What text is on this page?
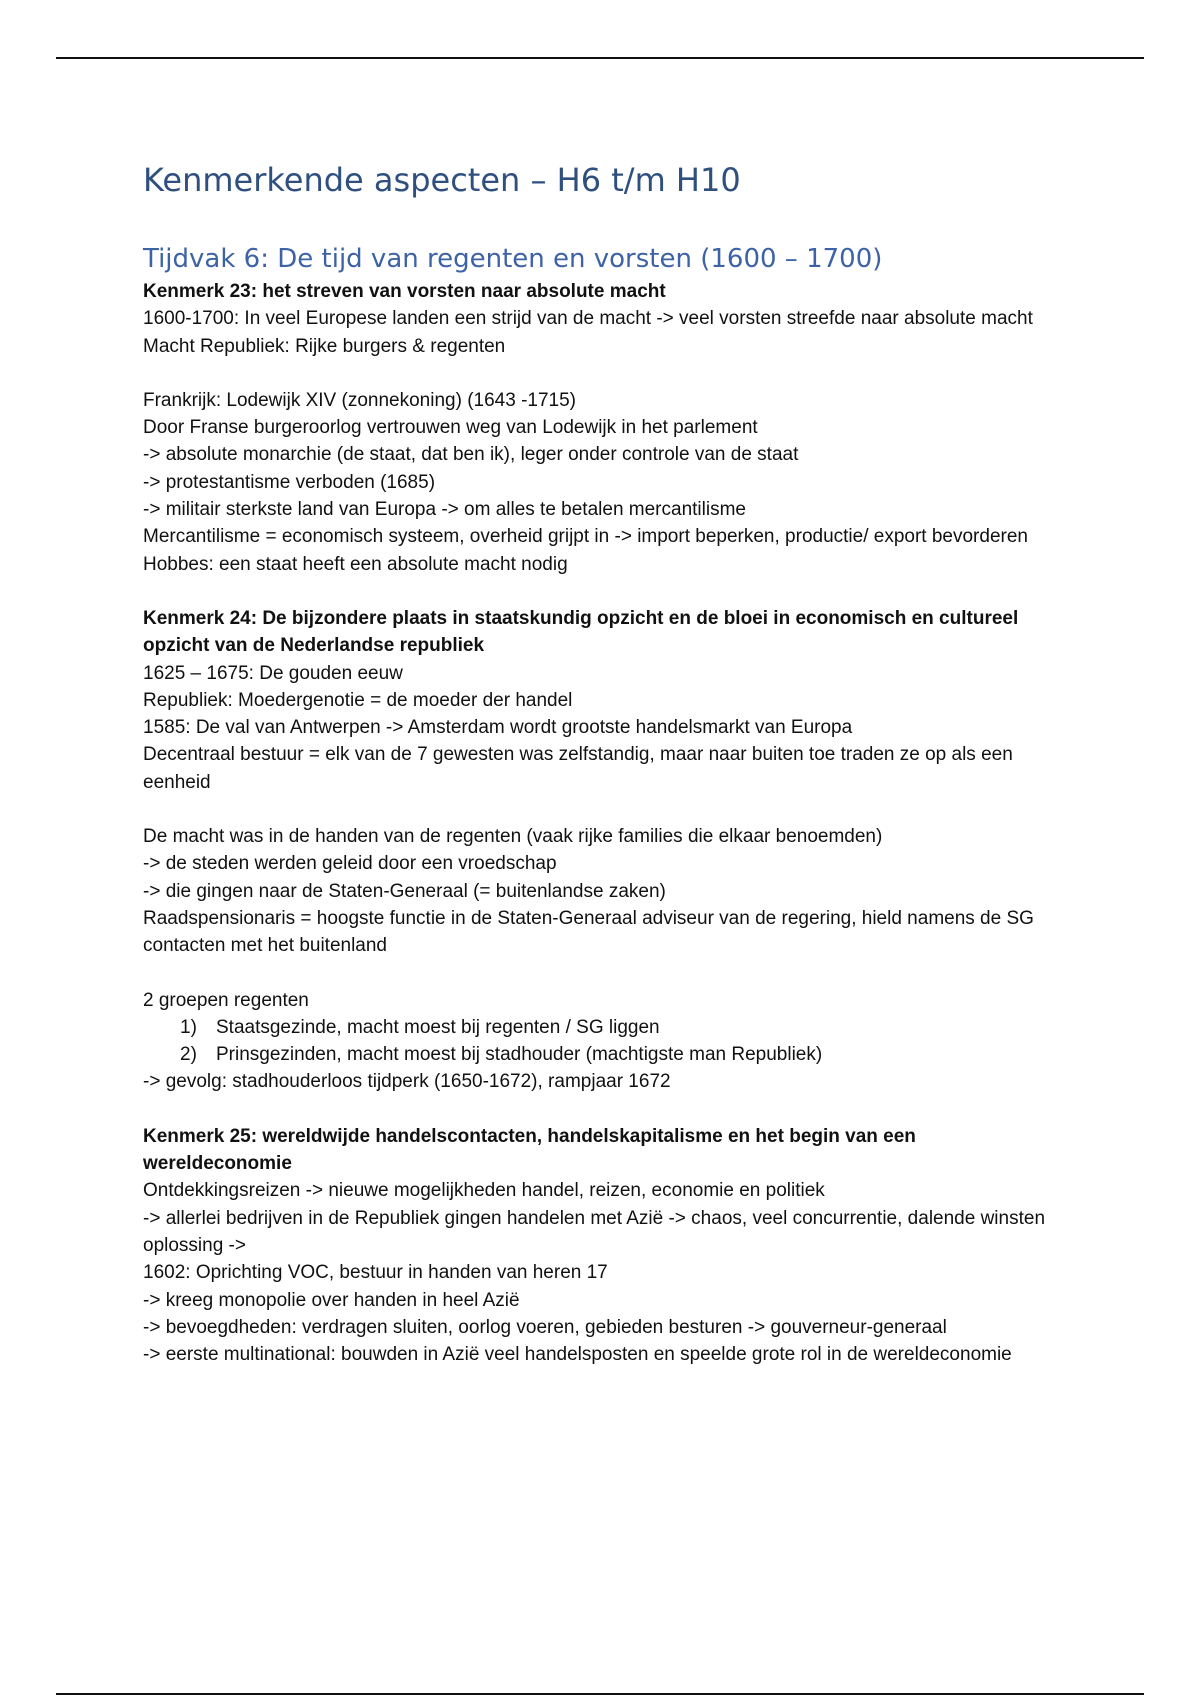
Kenmerkende aspecten – H6 t/m H10
Tijdvak 6: De tijd van regenten en vorsten (1600 – 1700)

Kenmerk 23: het streven van vorsten naar absolute macht

1600-1700: In veel Europese landen een strijd van de macht -> veel vorsten streefde naar absolute macht

Macht Republiek: Rijke burgers & regenten

Frankrijk: Lodewijk XIV (zonnekoning) (1643 -1715)

Door Franse burgeroorlog vertrouwen weg van Lodewijk in het parlement

-> absolute monarchie (de staat, dat ben ik), leger onder controle van de staat

-> protestantisme verboden (1685)

-> militair sterkste land van Europa -> om alles te betalen mercantilisme

Mercantilisme = economisch systeem, overheid grijpt in -> import beperken, productie/ export bevorderen

Hobbes: een staat heeft een absolute macht nodig

Kenmerk 24: De bijzondere plaats in staatskundig opzicht en de bloei in economisch en cultureel opzicht van de Nederlandse republiek

1625 – 1675: De gouden eeuw

Republiek: Moedergenotie = de moeder der handel

1585: De val van Antwerpen -> Amsterdam wordt grootste handelsmarkt van Europa

Decentraal bestuur = elk van de 7 gewesten was zelfstandig, maar naar buiten toe traden ze op als een eenheid

De macht was in de handen van de regenten (vaak rijke families die elkaar benoemden)

-> de steden werden geleid door een vroedschap

-> die gingen naar de Staten-Generaal (= buitenlandse zaken)

Raadspensionaris = hoogste functie in de Staten-Generaal adviseur van de regering, hield namens de SG contacten met het buitenland

2 groepen regenten

1) Staatsgezinde, macht moest bij regenten / SG liggen
2) Prinsgezinden, macht moest bij stadhouder (machtigste man Republiek)

-> gevolg: stadhouderloos tijdperk (1650-1672), rampjaar 1672

Kenmerk 25: wereldwijde handelscontacten, handelskapitalisme en het begin van een wereldeconomie

Ontdekkingsreizen -> nieuwe mogelijkheden handel, reizen, economie en politiek

-> allerlei bedrijven in de Republiek gingen handelen met Azië -> chaos, veel concurrentie, dalende winsten oplossing ->

1602: Oprichting VOC, bestuur in handen van heren 17

-> kreeg monopolie over handen in heel Azië

-> bevoegdheden: verdragen sluiten, oorlog voeren, gebieden besturen -> gouverneur-generaal

-> eerste multinational: bouwden in Azië veel handelsposten en speelde grote rol in de wereldeconomie
